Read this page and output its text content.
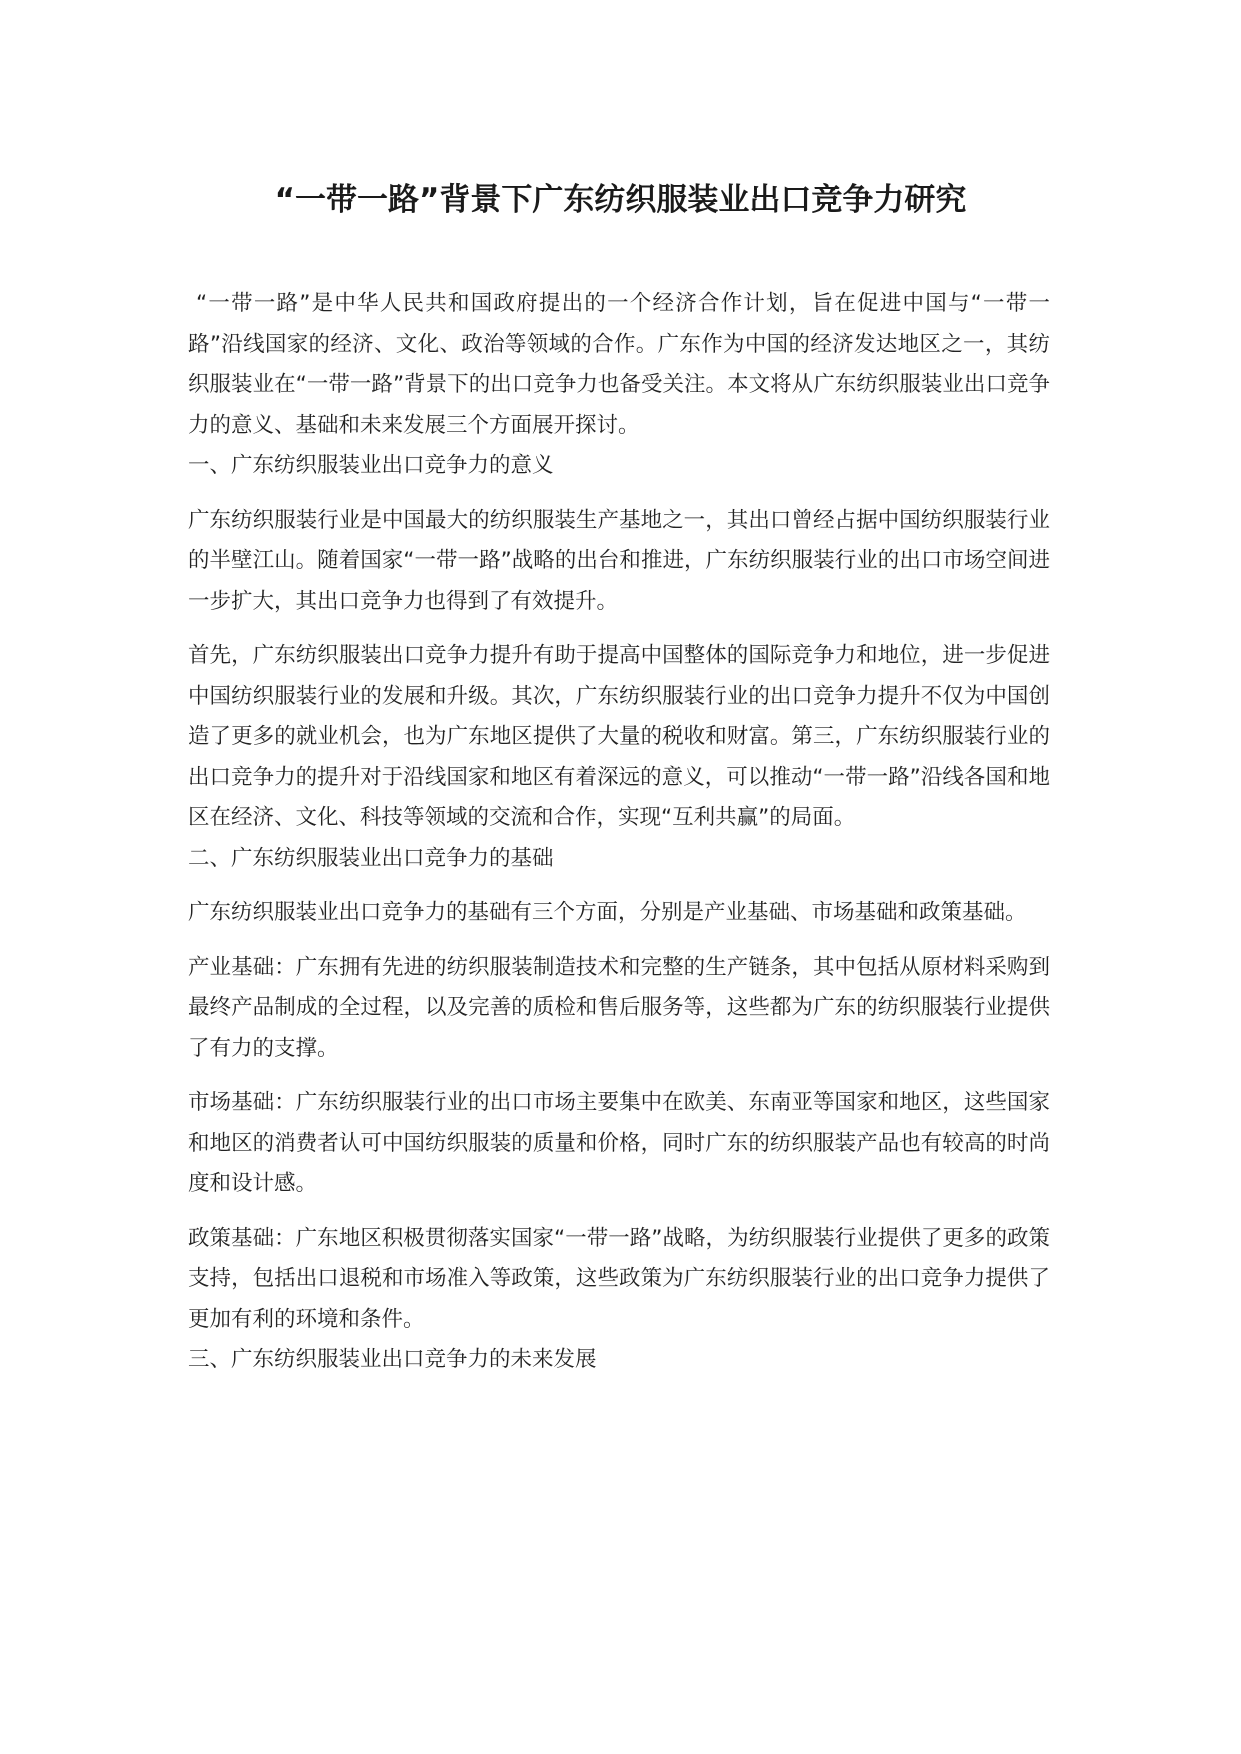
“一带一路”背景下广东纺织服装业出口竞争力研究

“一带一路”是中华人民共和国政府提出的一个经济合作计划，旨在促进中国与“一带一路”沿线国家的经济、文化、政治等领域的合作。广东作为中国的经济发达地区之一，其纺织服装业在“一带一路”背景下的出口竞争力也备受关注。本文将从广东纺织服装业出口竞争力的意义、基础和未来发展三个方面展开探讨。

一、广东纺织服装业出口竞争力的意义

广东纺织服装行业是中国最大的纺织服装生产基地之一，其出口曾经占据中国纺织服装行业的半壁江山。随着国家“一带一路”战略的出台和推进，广东纺织服装行业的出口市场空间进一步扩大，其出口竞争力也得到了有效提升。

首先，广东纺织服装出口竞争力提升有助于提高中国整体的国际竞争力和地位，进一步促进中国纺织服装行业的发展和升级。其次，广东纺织服装行业的出口竞争力提升不仅为中国创造了更多的就业机会，也为广东地区提供了大量的税收和财富。第三，广东纺织服装行业的出口竞争力的提升对于沿线国家和地区有着深远的意义，可以推动“一带一路”沿线各国和地区在经济、文化、科技等领域的交流和合作，实现“互利共赢”的局面。

二、广东纺织服装业出口竞争力的基础

广东纺织服装业出口竞争力的基础有三个方面，分别是产业基础、市场基础和政策基础。

产业基础：广东拥有先进的纺织服装制造技术和完整的生产链条，其中包括从原材料采购到最终产品制成的全过程，以及完善的质检和售后服务等，这些都为广东的纺织服装行业提供了有力的支撑。

市场基础：广东纺织服装行业的出口市场主要集中在欧美、东南亚等国家和地区，这些国家和地区的消费者认可中国纺织服装的质量和价格，同时广东的纺织服装产品也有较高的时尚度和设计感。

政策基础：广东地区积极贯彻落实国家“一带一路”战略，为纺织服装行业提供了更多的政策支持，包括出口退税和市场准入等政策，这些政策为广东纺织服装行业的出口竞争力提供了更加有利的环境和条件。

三、广东纺织服装业出口竞争力的未来发展
